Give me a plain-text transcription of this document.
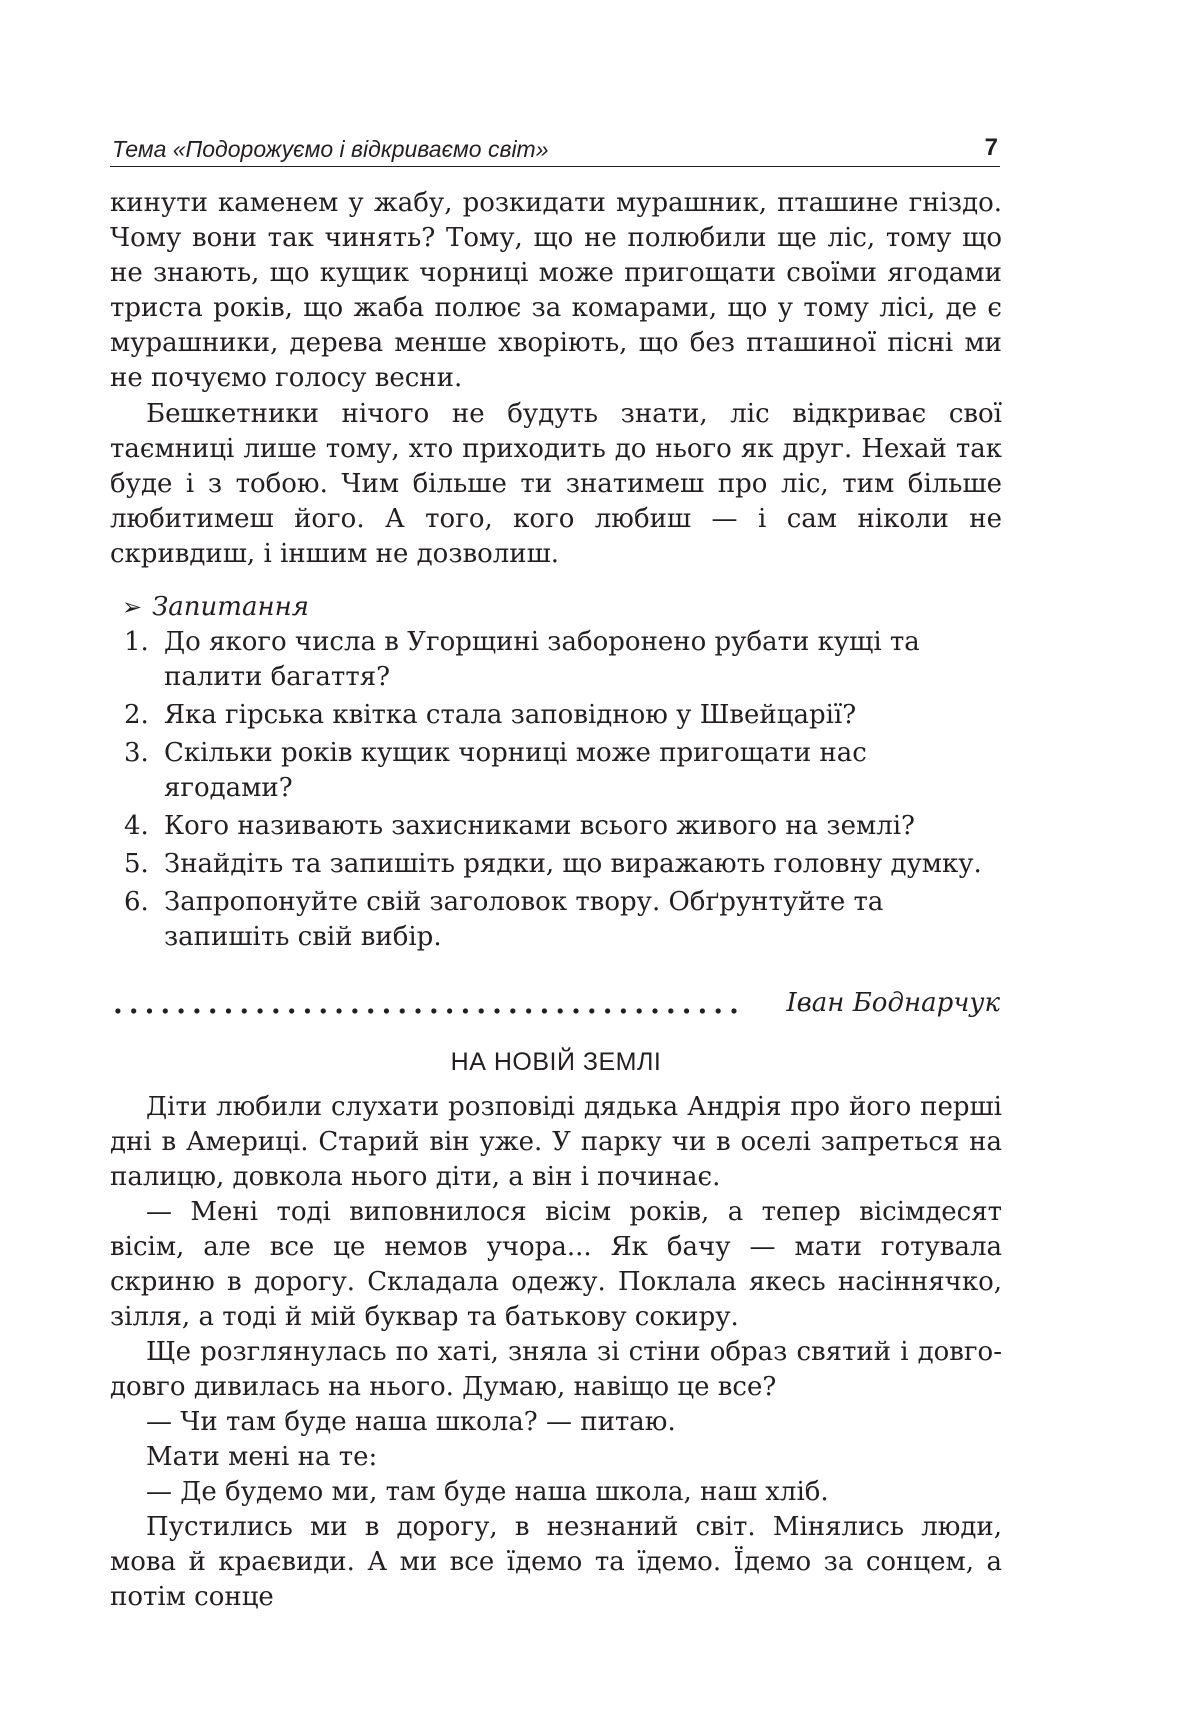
Тема «Подорожуємо і відкриваємо світ»	7

кинути каменем у жабу, розкидати мурашник, пташине гніздо. Чому вони так чинять? Тому, що не полюбили ще ліс, тому що не знають, що кущик чорниці може пригощати своїми ягодами триста років, що жаба полює за комарами, що у тому лісі, де є мурашники, дерева менше хворіють, що без пташиної пісні ми не почуємо голосу весни.

Бешкетники нічого не будуть знати, ліс відкриває свої таємниці лише тому, хто приходить до нього як друг. Нехай так буде і з тобою. Чим більше ти знатимеш про ліс, тим більше любитимеш його. А того, кого любиш — і сам ніколи не скривдиш, і іншим не дозволиш.

➢ Запитання
1. До якого числа в Угорщині заборонено рубати кущі та палити багаття?
2. Яка гірська квітка стала заповідною у Швейцарії?
3. Скільки років кущик чорниці може пригощати нас ягодами?
4. Кого називають захисниками всього живого на землі?
5. Знайдіть та запишіть рядки, що виражають головну думку.
6. Запропонуйте свій заголовок твору. Обґрунтуйте та запишіть свій вибір.
Іван Боднарчук
НА НОВІЙ ЗЕМЛІ

Діти любили слухати розповіді дядька Андрія про його перші дні в Америці. Старий він уже. У парку чи в оселі запреться на палицю, довкола нього діти, а він і починає.

— Мені тоді виповнилося вісім років, а тепер вісімдесят вісім, але все це немов учора... Як бачу — мати готувала скриню в дорогу. Складала одежу. Поклала якесь насіннячко, зілля, а тоді й мій буквар та батькову сокиру.

Ще розглянулась по хаті, зняла зі стіни образ святий і довго-довго дивилась на нього. Думаю, навіщо це все?

— Чи там буде наша школа? — питаю.

Мати мені на те:

— Де будемо ми, там буде наша школа, наш хліб.

Пустились ми в дорогу, в незнаний світ. Мінялись люди, мова й краєвиди. А ми все їдемо та їдемо. Їдемо за сонцем, а потім сонце
